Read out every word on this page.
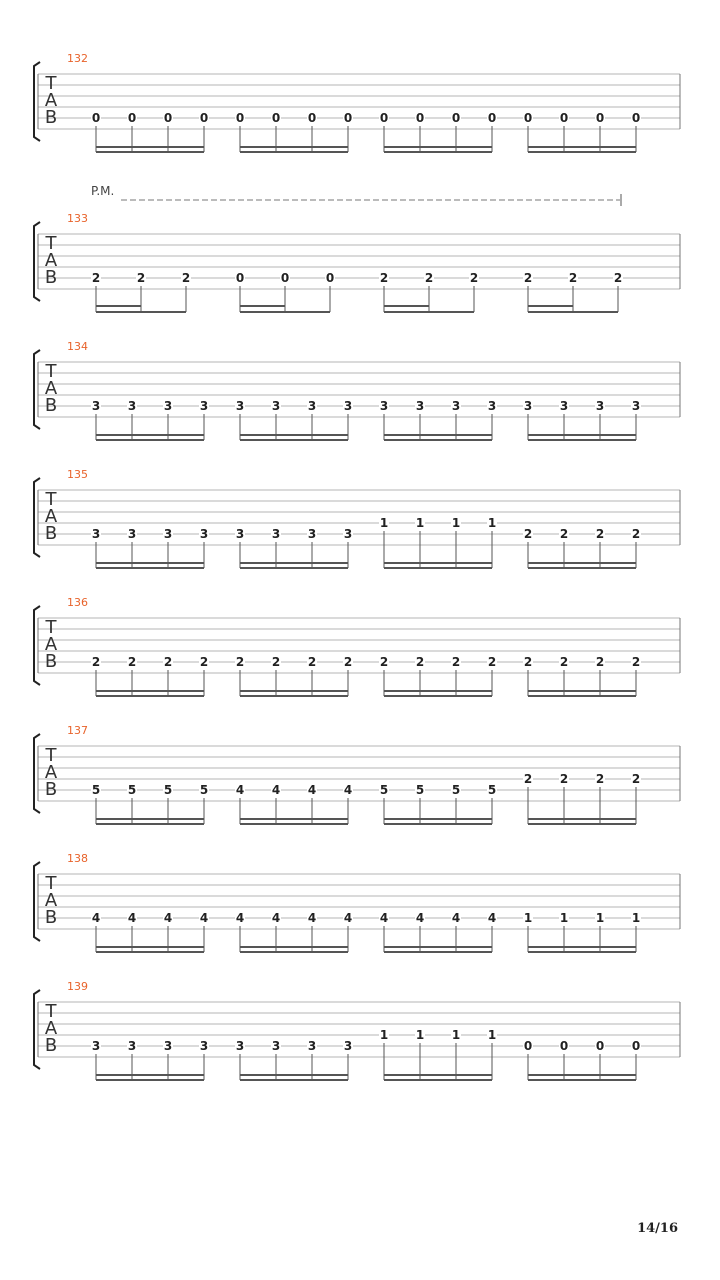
T
A
B
132
0 0 0 0 0 0 0 0 0 0 0 0 0 0 0 0
T
A
B
133
P.M.
2	2	2	0	0	0	2	2	2	2	2	2
T
A
B
134
3 3 3 3 3 3 3 3 3 3 3 3 3 3 3 3
T
A
B
135
3 3 3 3 3 3 3 3
1 1 1 1
2 2 2 2
T
A
B
136
2 2 2 2 2 2 2 2 2 2 2 2 2 2 2 2
T
A
B
137
5 5 5 5 4 4 4 4 5 5 5 5
2 2 2 2
T
A
B
138
4 4 4 4 4 4 4 4 4 4 4 4 1 1 1 1
T
A
B
139
3 3 3 3 3 3 3 3
1 1 1 1
0 0 0 0
14/16
